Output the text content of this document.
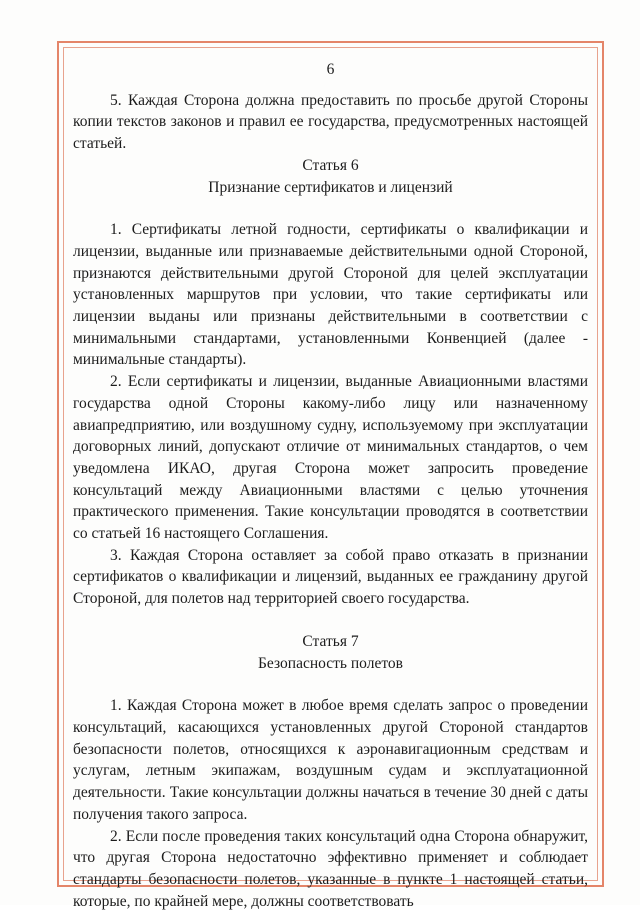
6

5. Каждая Сторона должна предоставить по просьбе другой Стороны копии текстов законов и правил ее государства, предусмотренных настоящей статьей.

Статья 6

Признание сертификатов и лицензий

1. Сертификаты летной годности, сертификаты о квалификации и лицензии, выданные или признаваемые действительными одной Стороной, признаются действительными другой Стороной для целей эксплуатации установленных маршрутов при условии, что такие сертификаты или лицензии выданы или признаны действительными в соответствии с минимальными стандартами, установленными Конвенцией (далее - минимальные стандарты).

2. Если сертификаты и лицензии, выданные Авиационными властями государства одной Стороны какому-либо лицу или назначенному авиапредприятию, или воздушному судну, используемому при эксплуатации договорных линий, допускают отличие от минимальных стандартов, о чем уведомлена ИКАО, другая Сторона может запросить проведение консультаций между Авиационными властями с целью уточнения практического применения. Такие консультации проводятся в соответствии со статьей 16 настоящего Соглашения.

3. Каждая Сторона оставляет за собой право отказать в признании сертификатов о квалификации и лицензий, выданных ее гражданину другой Стороной, для полетов над территорией своего государства.

Статья 7

Безопасность полетов

1. Каждая Сторона может в любое время сделать запрос о проведении консультаций, касающихся установленных другой Стороной стандартов безопасности полетов, относящихся к аэронавигационным средствам и услугам, летным экипажам, воздушным судам и эксплуатационной деятельности. Такие консультации должны начаться в течение 30 дней с даты получения такого запроса.

2. Если после проведения таких консультаций одна Сторона обнаружит, что другая Сторона недостаточно эффективно применяет и соблюдает стандарты безопасности полетов, указанные в пункте 1 настоящей статьи, которые, по крайней мере, должны соответствовать
